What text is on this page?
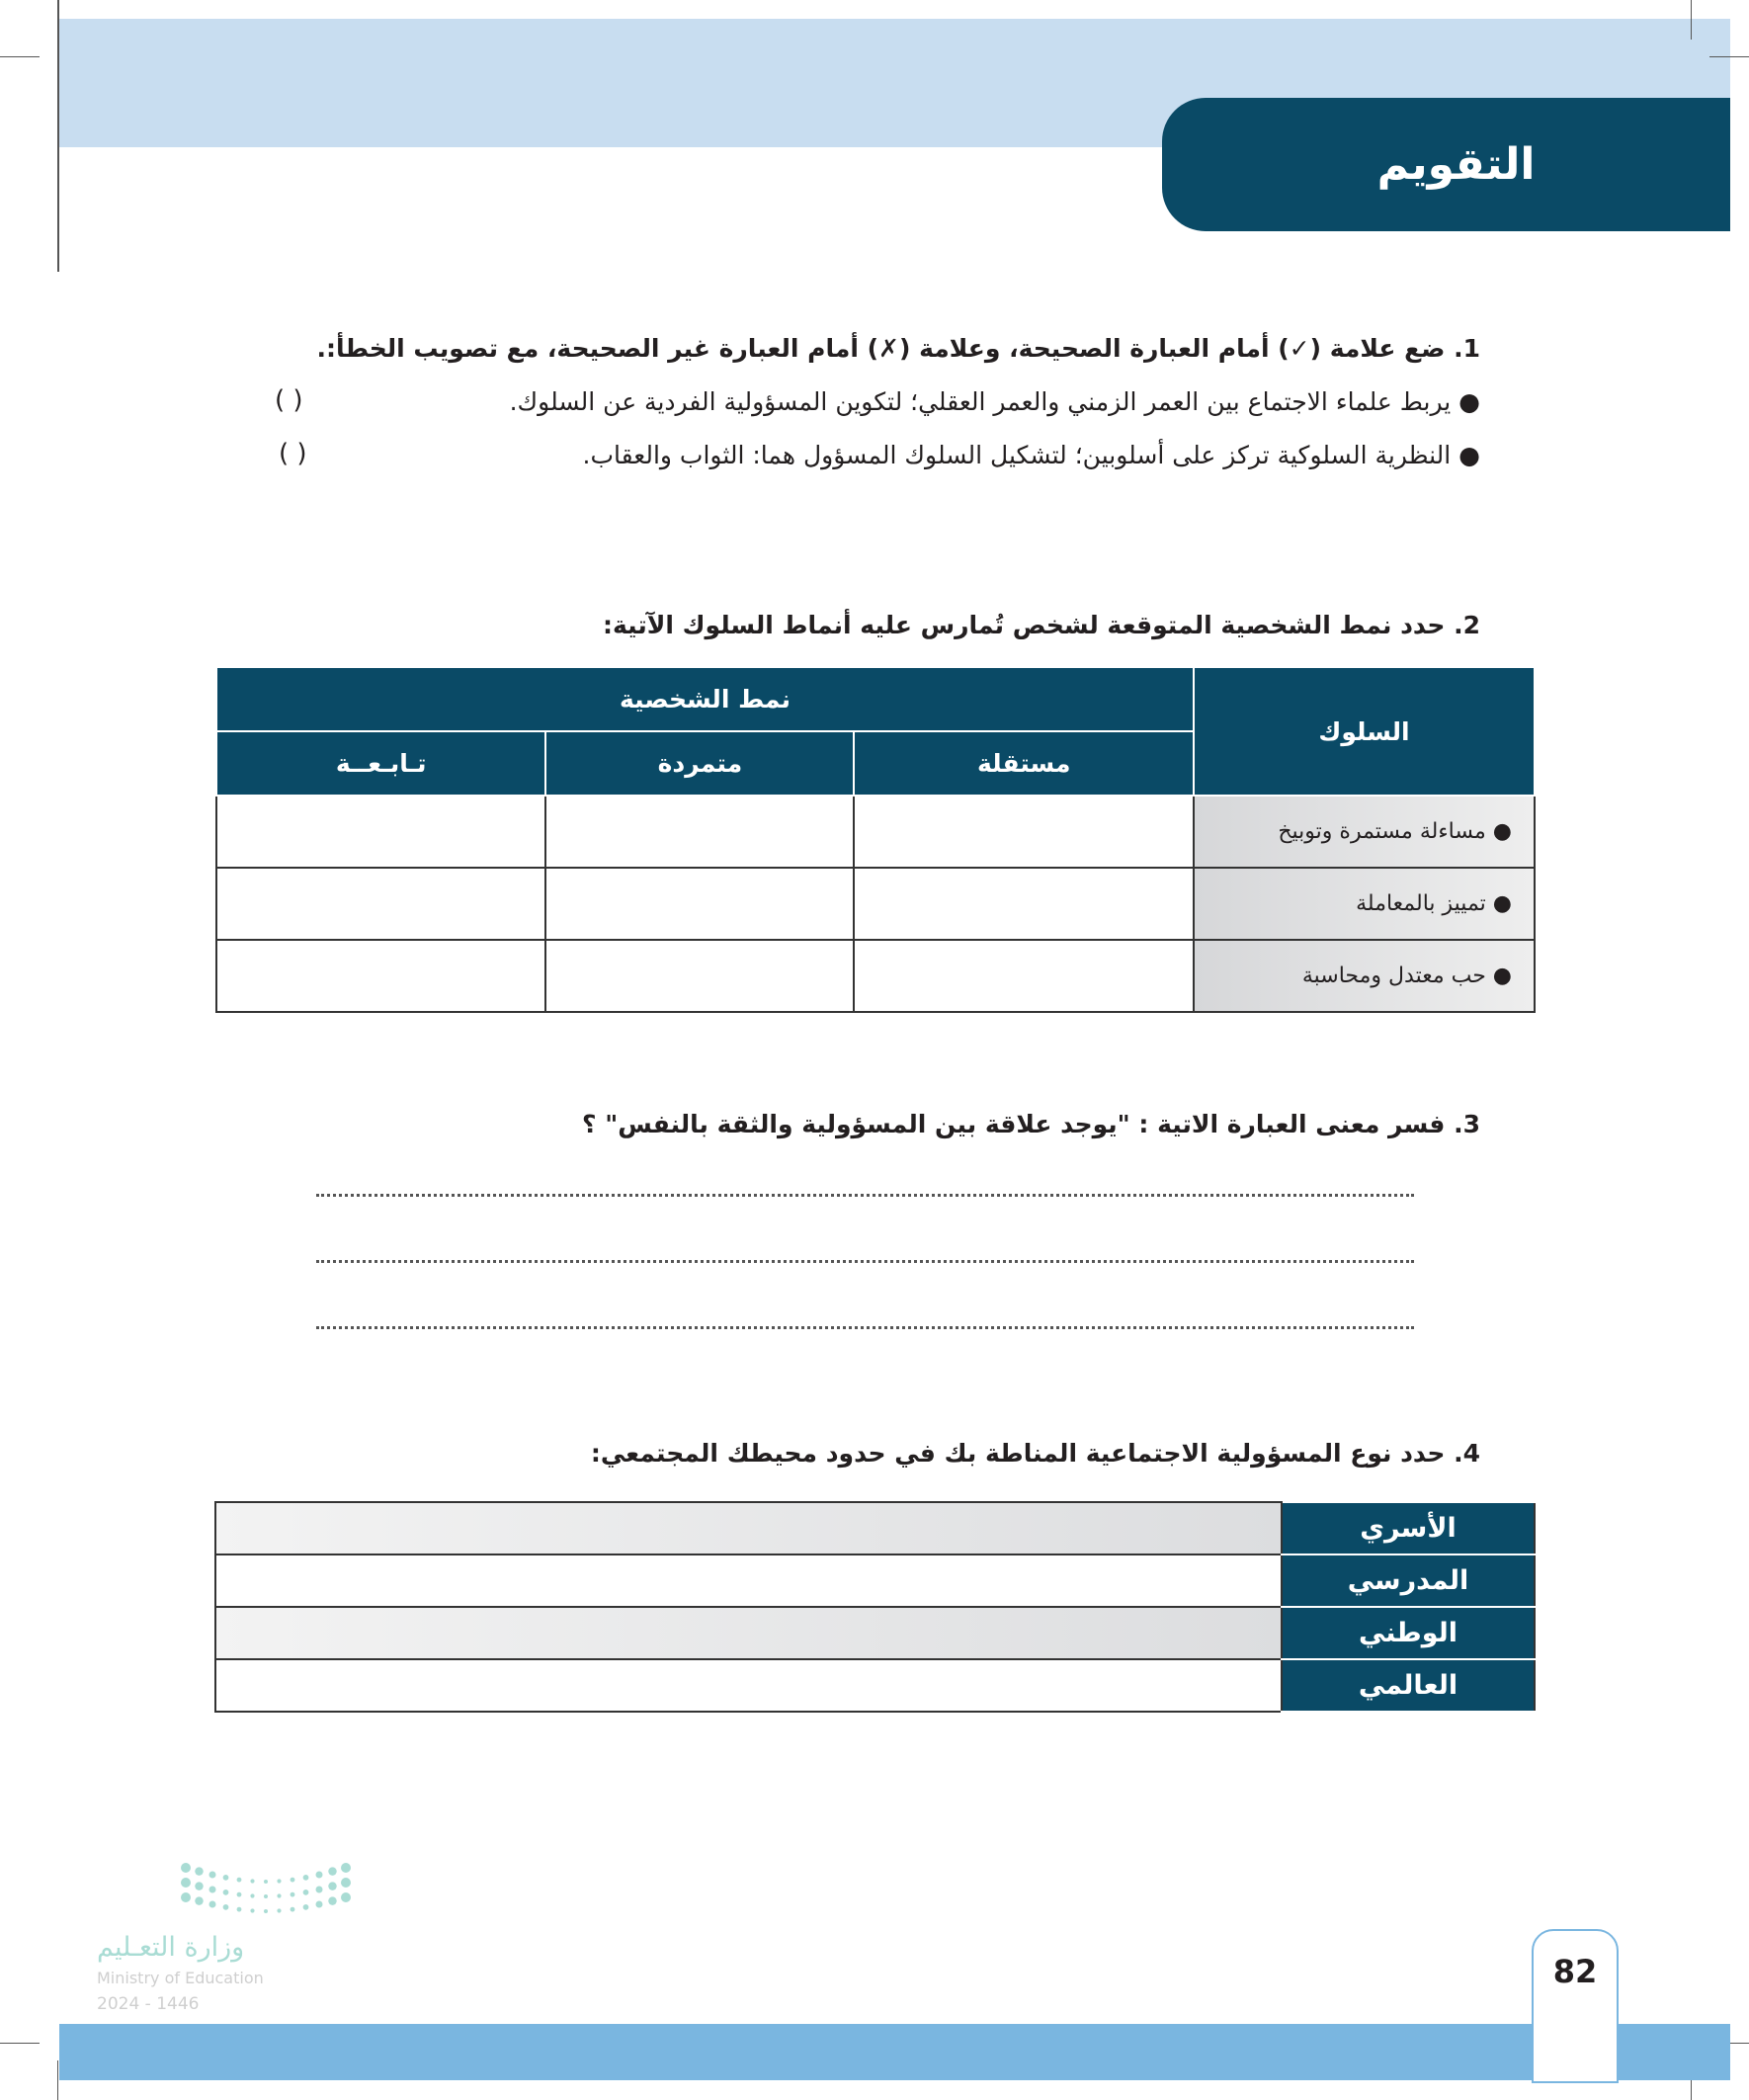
التقويم
1. ضع علامة (✓) أمام العبارة الصحيحة، وعلامة (✗) أمام العبارة غير الصحيحة، مع تصويب الخطأ:.
● يربط علماء الاجتماع بين العمر الزمني والعمر العقلي؛ لتكوين المسؤولية الفردية عن السلوك.
( )
● النظرية السلوكية تركز على أسلوبين؛ لتشكيل السلوك المسؤول هما: الثواب والعقاب.
( )
2. حدد نمط الشخصية المتوقعة لشخص تُمارس عليه أنماط السلوك الآتية:
السلوك	نمط الشخصية		
	مستقلة	متمردة	تـابـعــة
● مساءلة مستمرة وتوبيخ			
● تمييز بالمعاملة			
● حب معتدل ومحاسبة			
3. فسر معنى العبارة الاتية : "يوجد علاقة بين المسؤولية والثقة بالنفس" ؟
4. حدد نوع المسؤولية الاجتماعية المناطة بك في حدود محيطك المجتمعي:
الأسري	
المدرسي	
الوطني	
العالمي	
وزارة التعـليم
Ministry of Education
2024 - 1446
82
